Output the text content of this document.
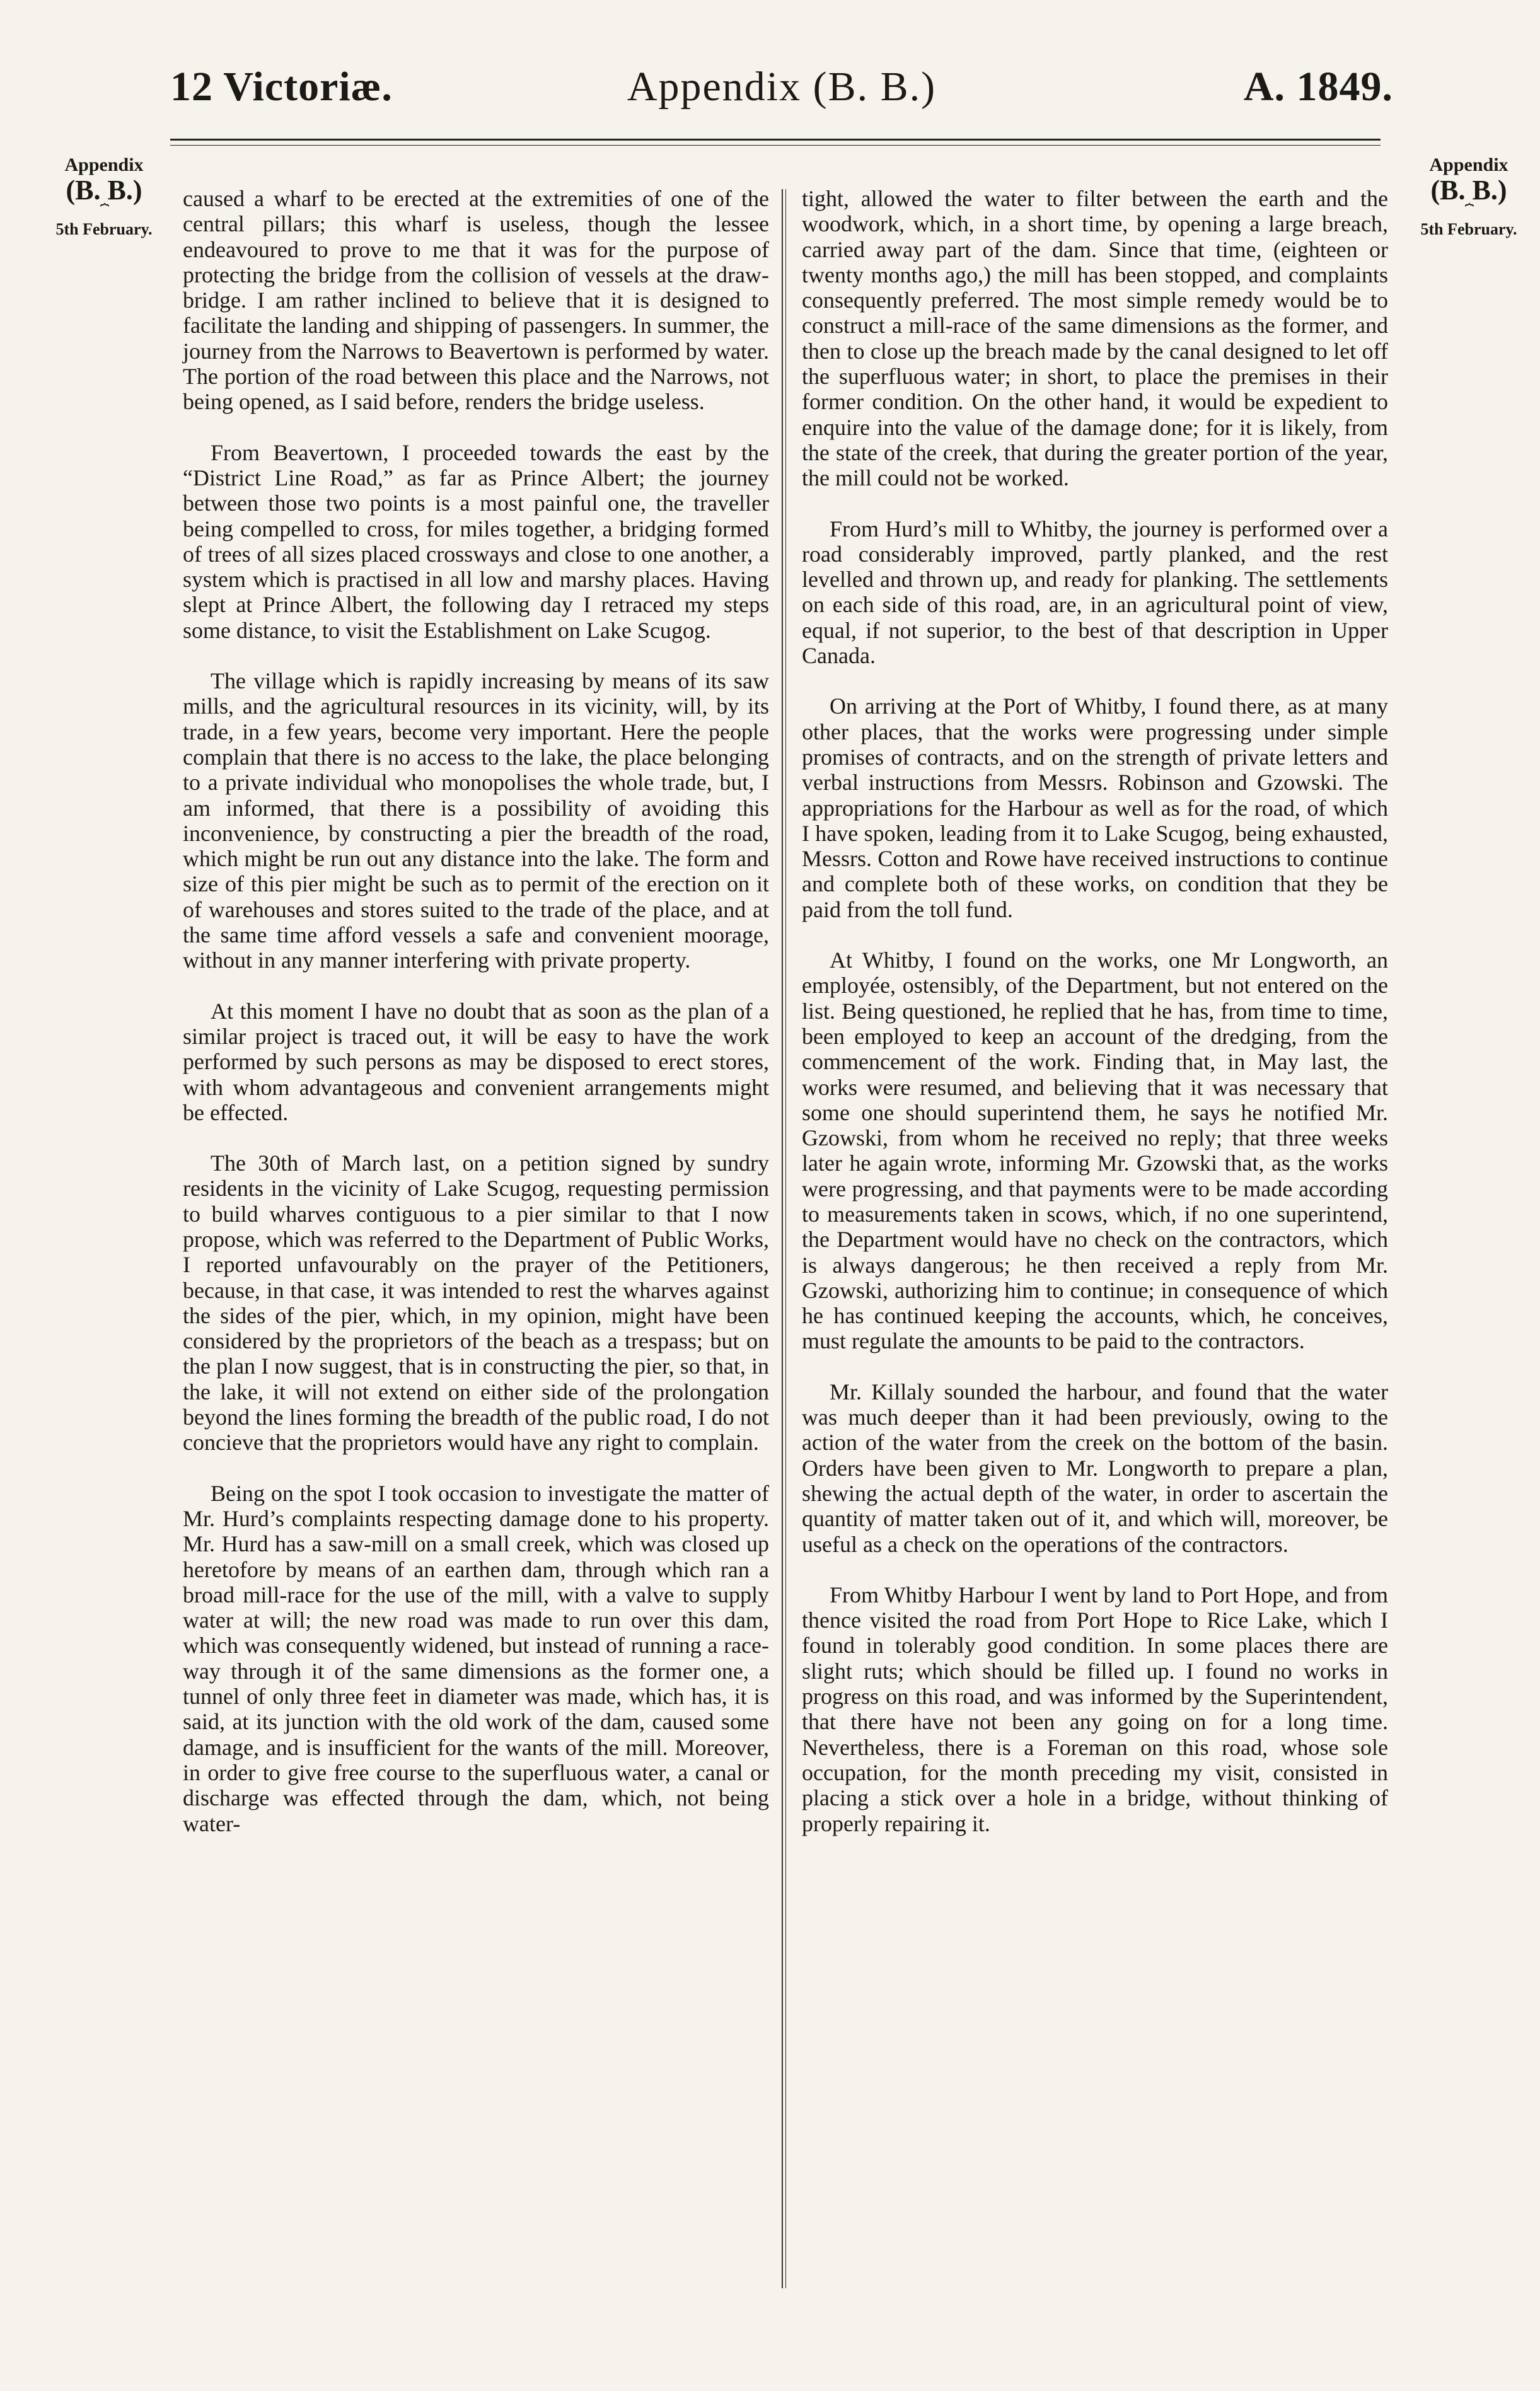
12 Victoriæ.	Appendix (B. B.)	A. 1849.
Appendix
(B. B.)
⏞
5th February.
Appendix
(B. B.)
⏞
5th February.

caused a wharf to be erected at the extremities of one of the central pillars; this wharf is useless, though the lessee endeavoured to prove to me that it was for the purpose of protecting the bridge from the collision of vessels at the draw-bridge. I am rather inclined to believe that it is designed to facilitate the landing and shipping of passengers. In summer, the journey from the Narrows to Beavertown is performed by water. The portion of the road between this place and the Narrows, not being opened, as I said before, renders the bridge useless.

From Beavertown, I proceeded towards the east by the “District Line Road,” as far as Prince Albert; the journey between those two points is a most painful one, the traveller being compelled to cross, for miles together, a bridging formed of trees of all sizes placed crossways and close to one another, a system which is practised in all low and marshy places. Having slept at Prince Albert, the following day I retraced my steps some distance, to visit the Establishment on Lake Scugog.

The village which is rapidly increasing by means of its saw mills, and the agricultural resources in its vicinity, will, by its trade, in a few years, become very important. Here the people complain that there is no access to the lake, the place belonging to a private individual who monopolises the whole trade, but, I am informed, that there is a possibility of avoiding this inconvenience, by constructing a pier the breadth of the road, which might be run out any distance into the lake. The form and size of this pier might be such as to permit of the erection on it of warehouses and stores suited to the trade of the place, and at the same time afford vessels a safe and convenient moorage, without in any manner interfering with private property.

At this moment I have no doubt that as soon as the plan of a similar project is traced out, it will be easy to have the work performed by such persons as may be disposed to erect stores, with whom advantageous and convenient arrangements might be effected.

The 30th of March last, on a petition signed by sundry residents in the vicinity of Lake Scugog, requesting permission to build wharves contiguous to a pier similar to that I now propose, which was referred to the Department of Public Works, I reported unfavourably on the prayer of the Petitioners, because, in that case, it was intended to rest the wharves against the sides of the pier, which, in my opinion, might have been considered by the proprietors of the beach as a trespass; but on the plan I now suggest, that is in constructing the pier, so that, in the lake, it will not extend on either side of the prolongation beyond the lines forming the breadth of the public road, I do not concieve that the proprietors would have any right to complain.

Being on the spot I took occasion to investigate the matter of Mr. Hurd’s complaints respecting damage done to his property. Mr. Hurd has a saw-mill on a small creek, which was closed up heretofore by means of an earthen dam, through which ran a broad mill-race for the use of the mill, with a valve to supply water at will; the new road was made to run over this dam, which was consequently widened, but instead of running a race-way through it of the same dimensions as the former one, a tunnel of only three feet in diameter was made, which has, it is said, at its junction with the old work of the dam, caused some damage, and is insufficient for the wants of the mill. Moreover, in order to give free course to the superfluous water, a canal or discharge was effected through the dam, which, not being water-

tight, allowed the water to filter between the earth and the woodwork, which, in a short time, by opening a large breach, carried away part of the dam. Since that time, (eighteen or twenty months ago,) the mill has been stopped, and complaints consequently preferred. The most simple remedy would be to construct a mill-race of the same dimensions as the former, and then to close up the breach made by the canal designed to let off the superfluous water; in short, to place the premises in their former condition. On the other hand, it would be expedient to enquire into the value of the damage done; for it is likely, from the state of the creek, that during the greater portion of the year, the mill could not be worked.

From Hurd’s mill to Whitby, the journey is performed over a road considerably improved, partly planked, and the rest levelled and thrown up, and ready for planking. The settlements on each side of this road, are, in an agricultural point of view, equal, if not superior, to the best of that description in Upper Canada.

On arriving at the Port of Whitby, I found there, as at many other places, that the works were progressing under simple promises of contracts, and on the strength of private letters and verbal instructions from Messrs. Robinson and Gzowski. The appropriations for the Harbour as well as for the road, of which I have spoken, leading from it to Lake Scugog, being exhausted, Messrs. Cotton and Rowe have received instructions to continue and complete both of these works, on condition that they be paid from the toll fund.

At Whitby, I found on the works, one Mr Longworth, an employée, ostensibly, of the Department, but not entered on the list. Being questioned, he replied that he has, from time to time, been employed to keep an account of the dredging, from the commencement of the work. Finding that, in May last, the works were resumed, and believing that it was necessary that some one should superintend them, he says he notified Mr. Gzowski, from whom he received no reply; that three weeks later he again wrote, informing Mr. Gzowski that, as the works were progressing, and that payments were to be made according to measurements taken in scows, which, if no one superintend, the Department would have no check on the contractors, which is always dangerous; he then received a reply from Mr. Gzowski, authorizing him to continue; in consequence of which he has continued keeping the accounts, which, he conceives, must regulate the amounts to be paid to the contractors.

Mr. Killaly sounded the harbour, and found that the water was much deeper than it had been previously, owing to the action of the water from the creek on the bottom of the basin. Orders have been given to Mr. Longworth to prepare a plan, shewing the actual depth of the water, in order to ascertain the quantity of matter taken out of it, and which will, moreover, be useful as a check on the operations of the contractors.

From Whitby Harbour I went by land to Port Hope, and from thence visited the road from Port Hope to Rice Lake, which I found in tolerably good condition. In some places there are slight ruts; which should be filled up. I found no works in progress on this road, and was informed by the Superintendent, that there have not been any going on for a long time. Nevertheless, there is a Foreman on this road, whose sole occupation, for the month preceding my visit, consisted in placing a stick over a hole in a bridge, without thinking of properly repairing it.
